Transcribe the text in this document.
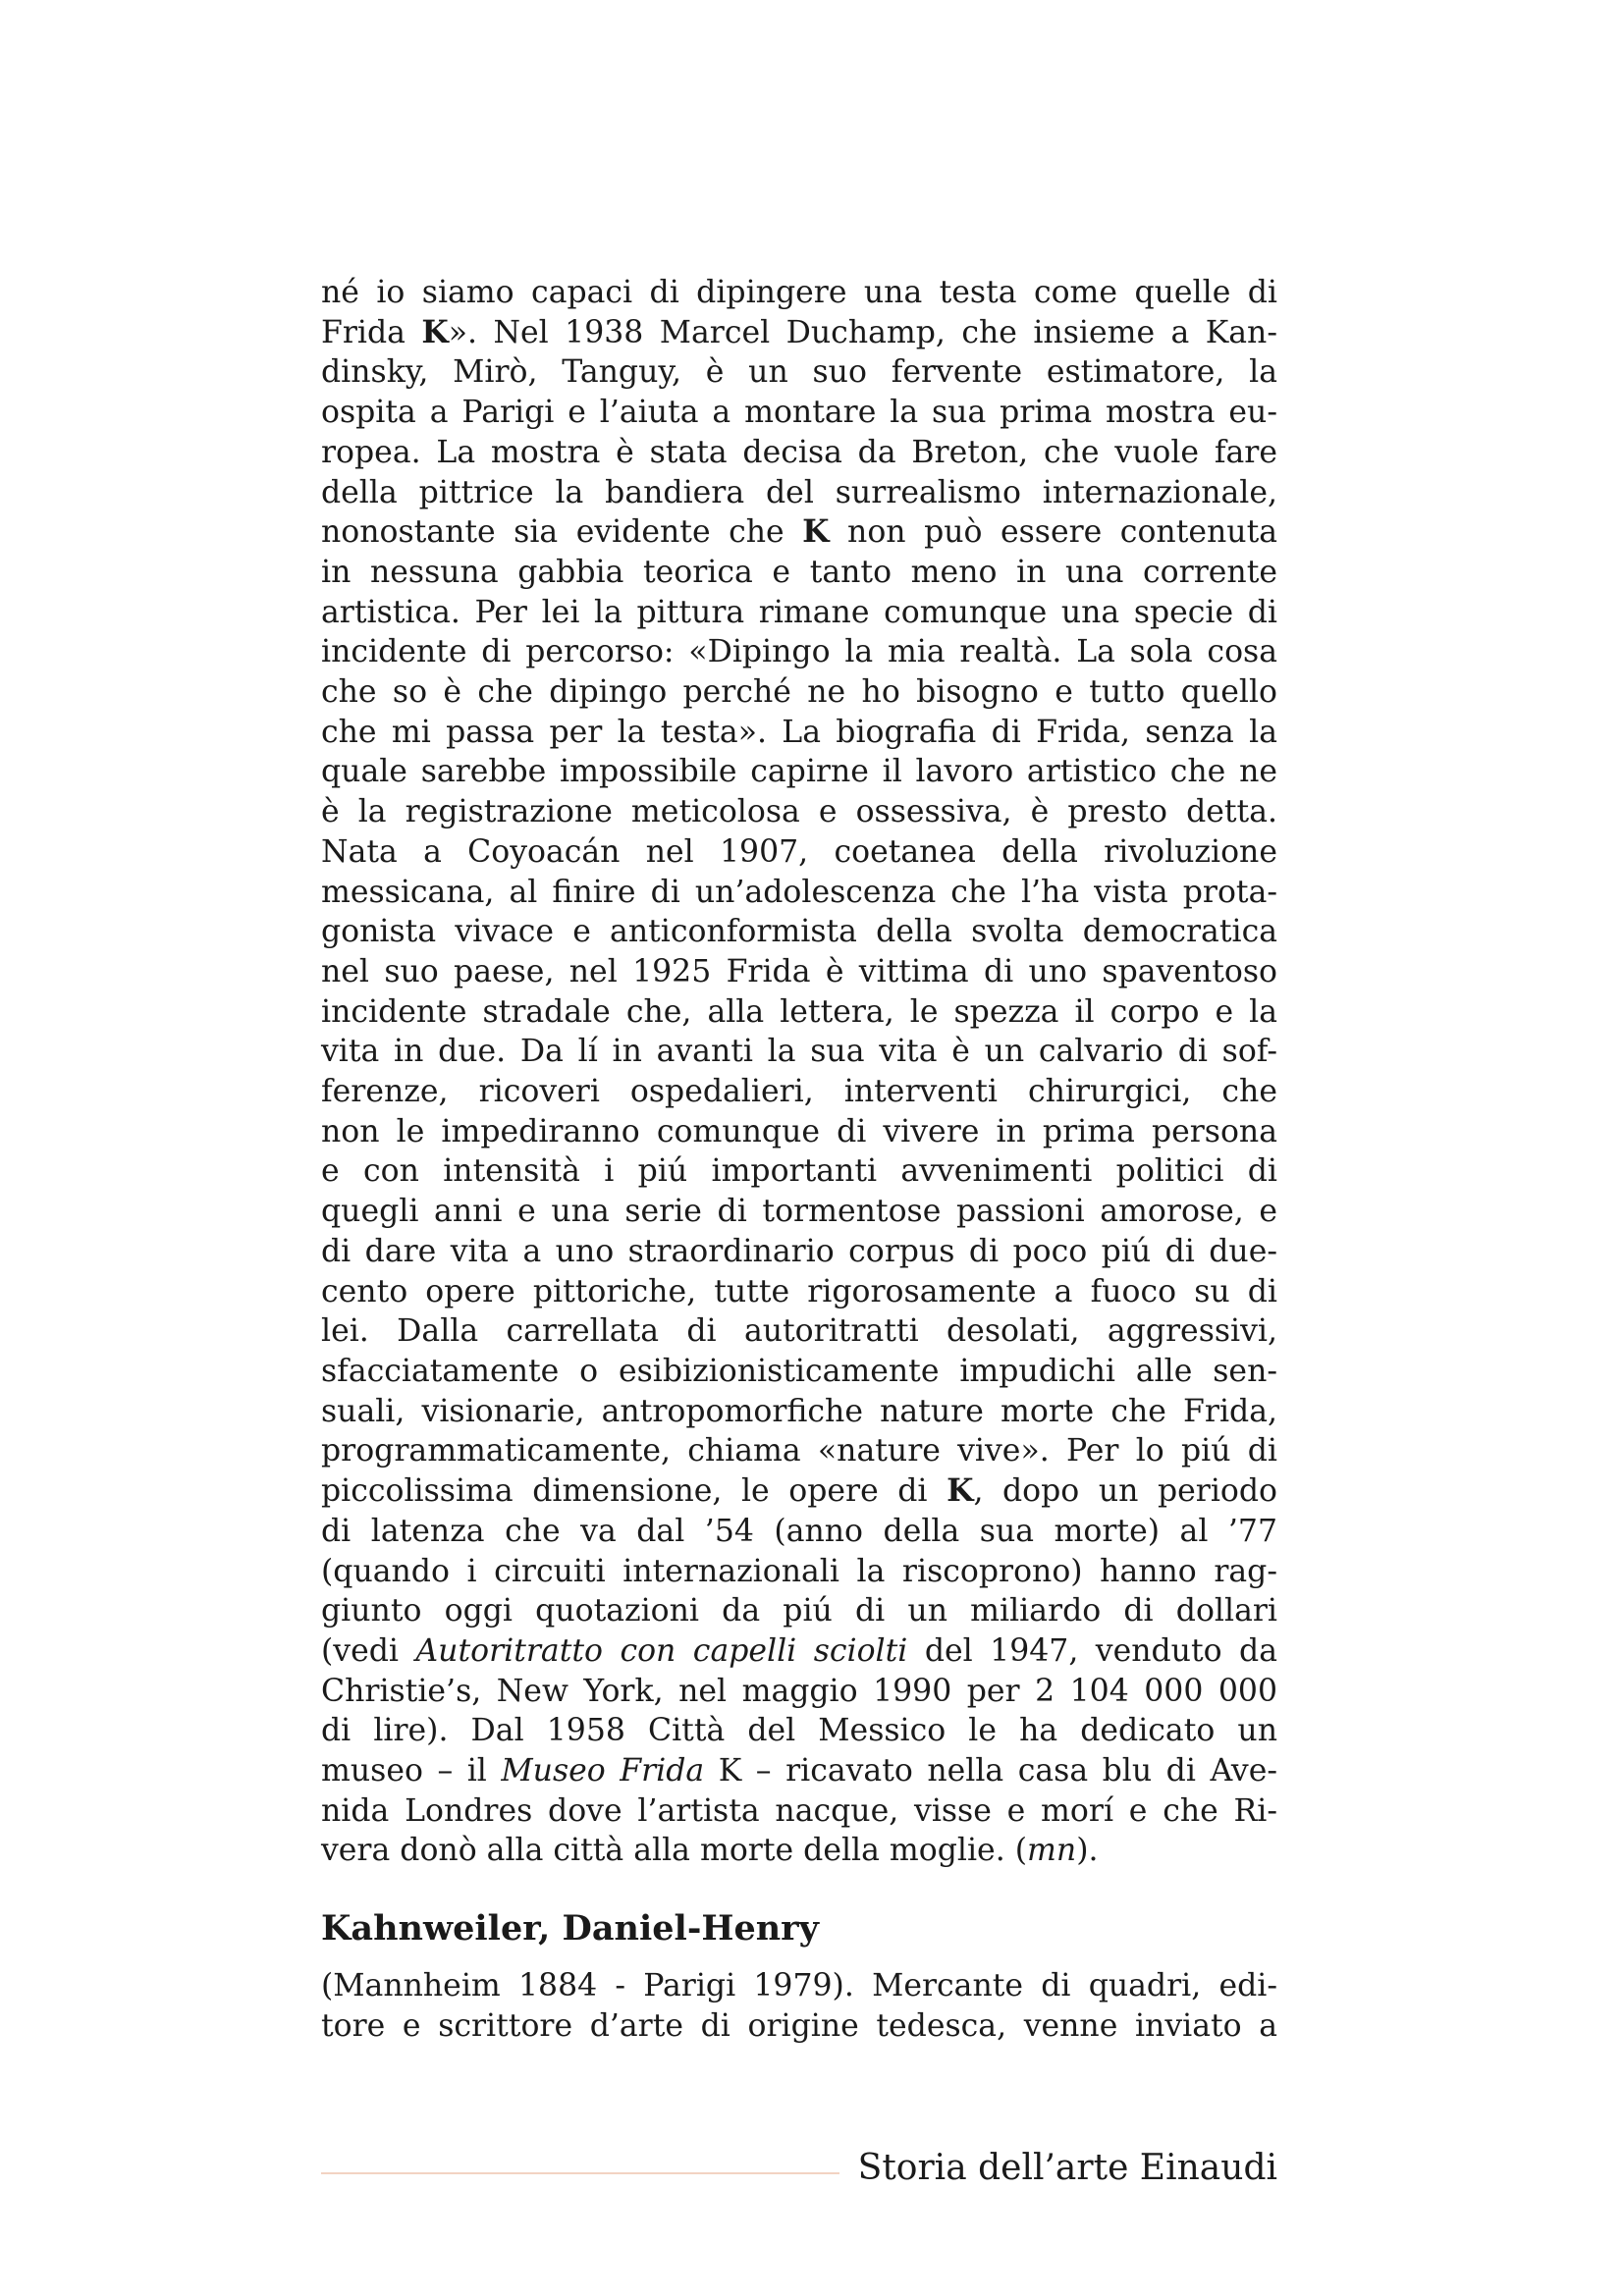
né io siamo capaci di dipingere una testa come quelle di
Frida K». Nel 1938 Marcel Duchamp, che insieme a Kan-
dinsky, Mirò, Tanguy, è un suo fervente estimatore, la
ospita a Parigi e l’aiuta a montare la sua prima mostra eu-
ropea. La mostra è stata decisa da Breton, che vuole fare
della pittrice la bandiera del surrealismo internazionale,
nonostante sia evidente che K non può essere contenuta
in nessuna gabbia teorica e tanto meno in una corrente
artistica. Per lei la pittura rimane comunque una specie di
incidente di percorso: «Dipingo la mia realtà. La sola cosa
che so è che dipingo perché ne ho bisogno e tutto quello
che mi passa per la testa». La biografia di Frida, senza la
quale sarebbe impossibile capirne il lavoro artistico che ne
è la registrazione meticolosa e ossessiva, è presto detta.
Nata a Coyoacán nel 1907, coetanea della rivoluzione
messicana, al finire di un’adolescenza che l’ha vista prota-
gonista vivace e anticonformista della svolta democratica
nel suo paese, nel 1925 Frida è vittima di uno spaventoso
incidente stradale che, alla lettera, le spezza il corpo e la
vita in due. Da lí in avanti la sua vita è un calvario di sof-
ferenze, ricoveri ospedalieri, interventi chirurgici, che
non le impediranno comunque di vivere in prima persona
e con intensità i piú importanti avvenimenti politici di
quegli anni e una serie di tormentose passioni amorose, e
di dare vita a uno straordinario corpus di poco piú di due-
cento opere pittoriche, tutte rigorosamente a fuoco su di
lei. Dalla carrellata di autoritratti desolati, aggressivi,
sfacciatamente o esibizionisticamente impudichi alle sen-
suali, visionarie, antropomorfiche nature morte che Frida,
programmaticamente, chiama «nature vive». Per lo piú di
piccolissima dimensione, le opere di K, dopo un periodo
di latenza che va dal ’54 (anno della sua morte) al ’77
(quando i circuiti internazionali la riscoprono) hanno rag-
giunto oggi quotazioni da piú di un miliardo di dollari
(vedi Autoritratto con capelli sciolti del 1947, venduto da
Christie’s, New York, nel maggio 1990 per 2 104 000 000
di lire). Dal 1958 Città del Messico le ha dedicato un
museo – il Museo Frida K – ricavato nella casa blu di Ave-
nida Londres dove l’artista nacque, visse e morí e che Ri-
vera donò alla città alla morte della moglie. (mn).
Kahnweiler, Daniel-Henry
(Mannheim 1884 - Parigi 1979). Mercante di quadri, edi-
tore e scrittore d’arte di origine tedesca, venne inviato a
Storia dell’arte Einaudi
